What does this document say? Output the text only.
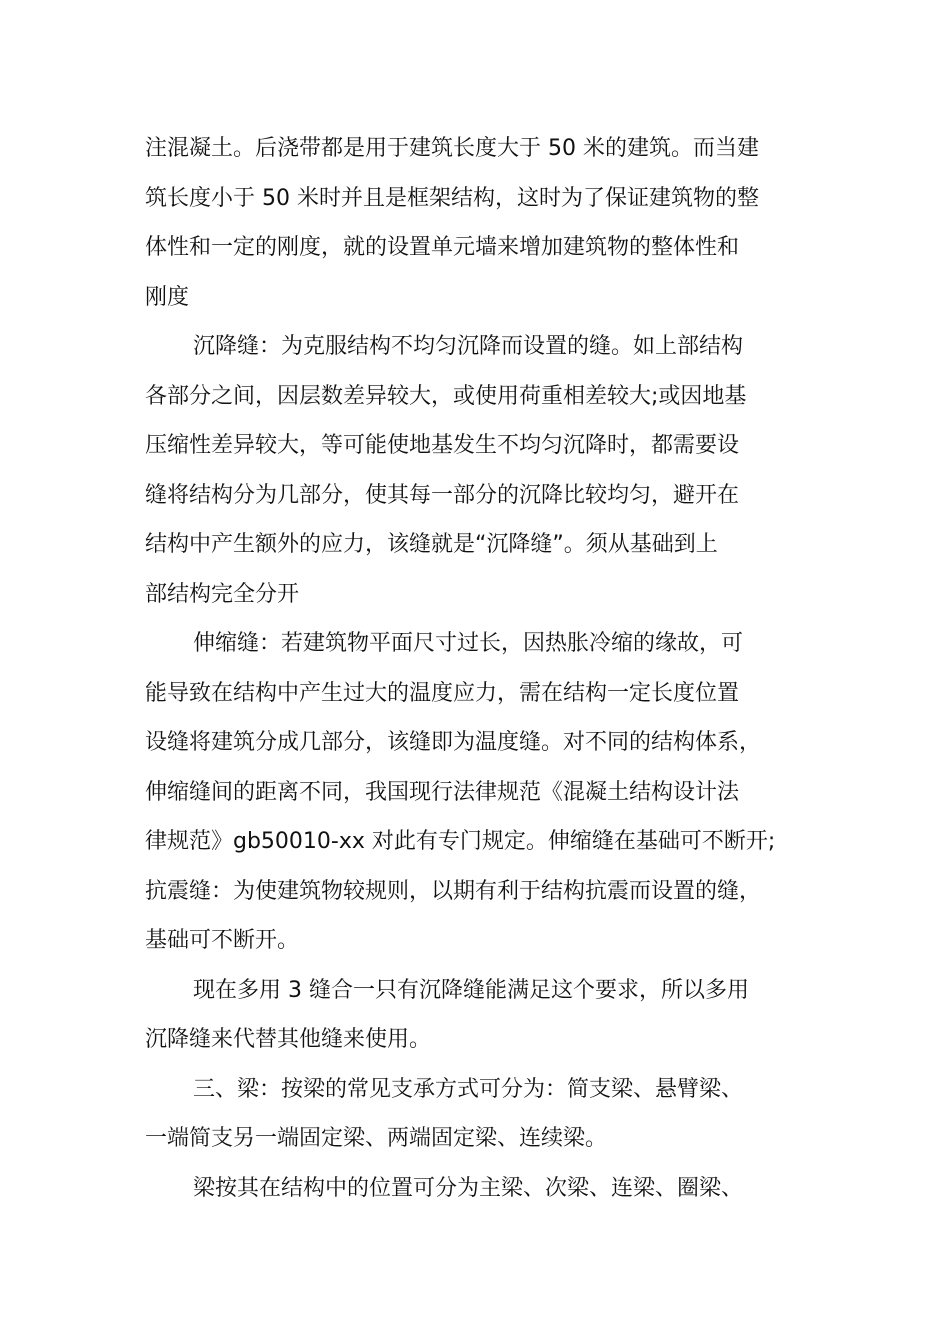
注混凝土。后浇带都是用于建筑长度大于 50 米的建筑。而当建
筑长度小于 50 米时并且是框架结构，这时为了保证建筑物的整
体性和一定的刚度，就的设置单元墙来增加建筑物的整体性和
刚度
沉降缝：为克服结构不均匀沉降而设置的缝。如上部结构
各部分之间，因层数差异较大，或使用荷重相差较大;或因地基
压缩性差异较大，等可能使地基发生不均匀沉降时，都需要设
缝将结构分为几部分，使其每一部分的沉降比较均匀，避开在
结构中产生额外的应力，该缝就是“沉降缝”。须从基础到上
部结构完全分开
伸缩缝：若建筑物平面尺寸过长，因热胀冷缩的缘故，可
能导致在结构中产生过大的温度应力，需在结构一定长度位置
设缝将建筑分成几部分，该缝即为温度缝。对不同的结构体系，
伸缩缝间的距离不同，我国现行法律规范《混凝土结构设计法
律规范》gb50010-xx 对此有专门规定。伸缩缝在基础可不断开;
抗震缝：为使建筑物较规则，以期有利于结构抗震而设置的缝，
基础可不断开。
现在多用 3 缝合一只有沉降缝能满足这个要求，所以多用
沉降缝来代替其他缝来使用。
三、梁：按梁的常见支承方式可分为：简支梁、悬臂梁、
一端简支另一端固定梁、两端固定梁、连续梁。
梁按其在结构中的位置可分为主梁、次梁、连梁、圈梁、
